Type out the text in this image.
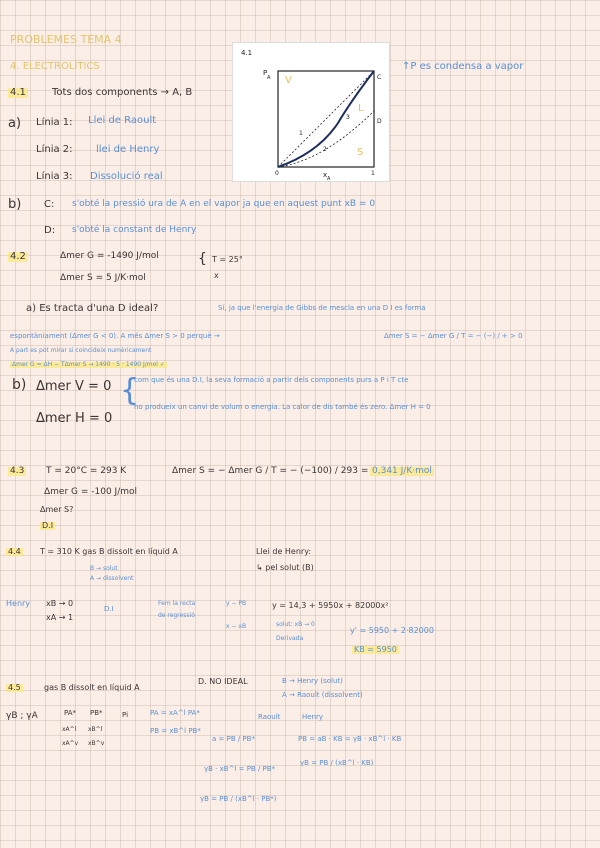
PROBLEMES TEMA 4
4. ELECTROLÍTICS
4.1
P
A
x A
0	1
1
2
3
C
D
V
L
S
↑P es condensa a vapor
4.1	Tots dos components → A, B
a) Línia 1: Llei de Raoult
Línia 2: llei de Henry
Línia 3: Dissolució real
b) C: s'obté la pressió ura de A en el vapor ja que en aquest punt xB = 0
D: s'obté la constant de Henry
4.2	Δmer G = -1490 J/mol
Δmer S = 5 J/K·mol
{ T = 25°
x
a) Es tracta d'una D ideal?	Sí, ja que l'energia de Gibbs de mescla en una D I es forma
espontàniament (Δmer G < 0). A més Δmer S > 0 perquè →	Δmer S = − Δmer G / T = − (−) / + > 0
A part es pot mirar si coincideix numèricament
Δmer G = ΔH − TΔmer S → 1490 · 5 · 1490 J/mol ✓
b) Δmer V = 0
Δmer H = 0
{
com que és una D.I, la seva formació a partir dels components purs a P i T cte
no produeix un canvi de volum o energia. La calor de dis també és zero. Δmer H = 0
4.3 T = 20°C = 293 K
Δmer G = -100 J/mol
Δmer S = − Δmer G / T = − (−100) / 293 = 0,341 J/K·mol
Δmer S?
D.I
4.4 T = 310 K gas B dissolt en líquid A	Llei de Henry:
↳ pel solut (B)
B → solut
A → dissolvent
Henry xB → 0
xA → 1
D.I
Fem la recta
de regressió
y − PB
x − xB	solut: xB → 0
Derivada
y = 14,3 + 5950x + 82000x²
y' = 5950 + 2·82000
KB = 5950
4.5	gas B dissolt en líquid A
D. NO IDEAL	B → Henry (solut)
A → Raoult (dissolvent)
γB ; γA	PA* PB*	Pi
xA^l xB^l
xA^v xB^v
PA = xA^l PA*
PB = xB^l PB*
Raoult	Henry
a = PB / PB*	PB = aB · KB = γB · xB^l · KB
γB · xB^l = PB / PB*
γB = PB / (xB^l · KB)
γB = PB / (xB^l · PB*)
